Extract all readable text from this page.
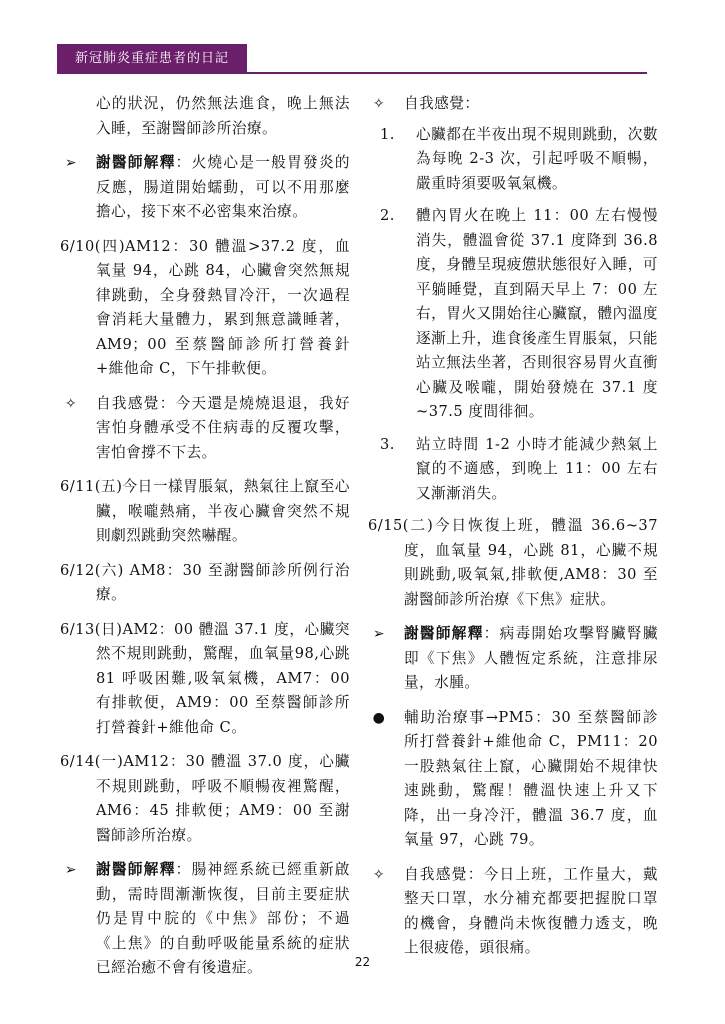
新冠肺炎重症患者的日記

心的狀況，仍然無法進食，晚上無法入睡，至謝醫師診所治療。

➢	謝醫師解釋：火燒心是一般胃發炎的反應，腸道開始蠕動，可以不用那麼擔心，接下來不必密集來治療。

6/10(四)AM12：30 體溫>37.2 度，血氧量 94，心跳 84，心臟會突然無規律跳動，全身發熱冒冷汗，一次過程會消耗大量體力，累到無意識睡著，AM9；00 至蔡醫師診所打營養針+維他命 C，下午排軟便。

✧	自我感覺：今天還是燒燒退退，我好害怕身體承受不住病毒的反覆攻擊，害怕會撐不下去。

6/11(五)今日一樣胃脹氣，熱氣往上竄至心臟，喉嚨熱痛，半夜心臟會突然不規則劇烈跳動突然嚇醒。

6/12(六) AM8：30 至謝醫師診所例行治療。

6/13(日)AM2：00 體溫 37.1 度，心臟突然不規則跳動，驚醒，血氧量98,心跳 81 呼吸困難,吸氧氣機，AM7：00 有排軟便，AM9：00 至蔡醫師診所打營養針+維他命 C。

6/14(一)AM12：30 體溫 37.0 度，心臟不規則跳動，呼吸不順暢夜裡驚醒，AM6：45 排軟便；AM9：00 至謝醫師診所治療。

➢	謝醫師解釋：腸神經系統已經重新啟動，需時間漸漸恢復，目前主要症狀仍是胃中脘的《中焦》部份；不過《上焦》的自動呼吸能量系統的症狀已經治癒不會有後遺症。
✧	自我感覺：
1.	心臟都在半夜出現不規則跳動，次數為每晚 2-3 次，引起呼吸不順暢，嚴重時須要吸氧氣機。
2.	體內胃火在晚上 11：00 左右慢慢消失，體溫會從 37.1 度降到 36.8 度，身體呈現疲憊狀態很好入睡，可平躺睡覺，直到隔天早上 7：00 左右，胃火又開始往心臟竄，體內溫度逐漸上升，進食後產生胃脹氣，只能站立無法坐著，否則很容易胃火直衝心臟及喉嚨，開始發燒在 37.1 度~37.5 度間徘徊。
3.	站立時間 1-2 小時才能減少熱氣上竄的不適感，到晚上 11：00 左右又漸漸消失。

6/15(二)今日恢復上班，體溫 36.6~37 度，血氧量 94，心跳 81，心臟不規則跳動,吸氧氣,排軟便,AM8：30 至謝醫師診所治療《下焦》症狀。

➢	謝醫師解釋：病毒開始攻擊腎臟腎臟即《下焦》人體恆定系統，注意排尿量，水腫。
●	輔助治療事→PM5：30 至蔡醫師診所打營養針+維他命 C，PM11：20 一股熱氣往上竄，心臟開始不規律快速跳動，驚醒！體溫快速上升又下降，出一身冷汗，體溫 36.7 度，血氧量 97，心跳 79。
✧	自我感覺：今日上班，工作量大，戴整天口罩，水分補充都要把握脫口罩的機會，身體尚未恢復體力透支，晚上很疲倦，頭很痛。
22
